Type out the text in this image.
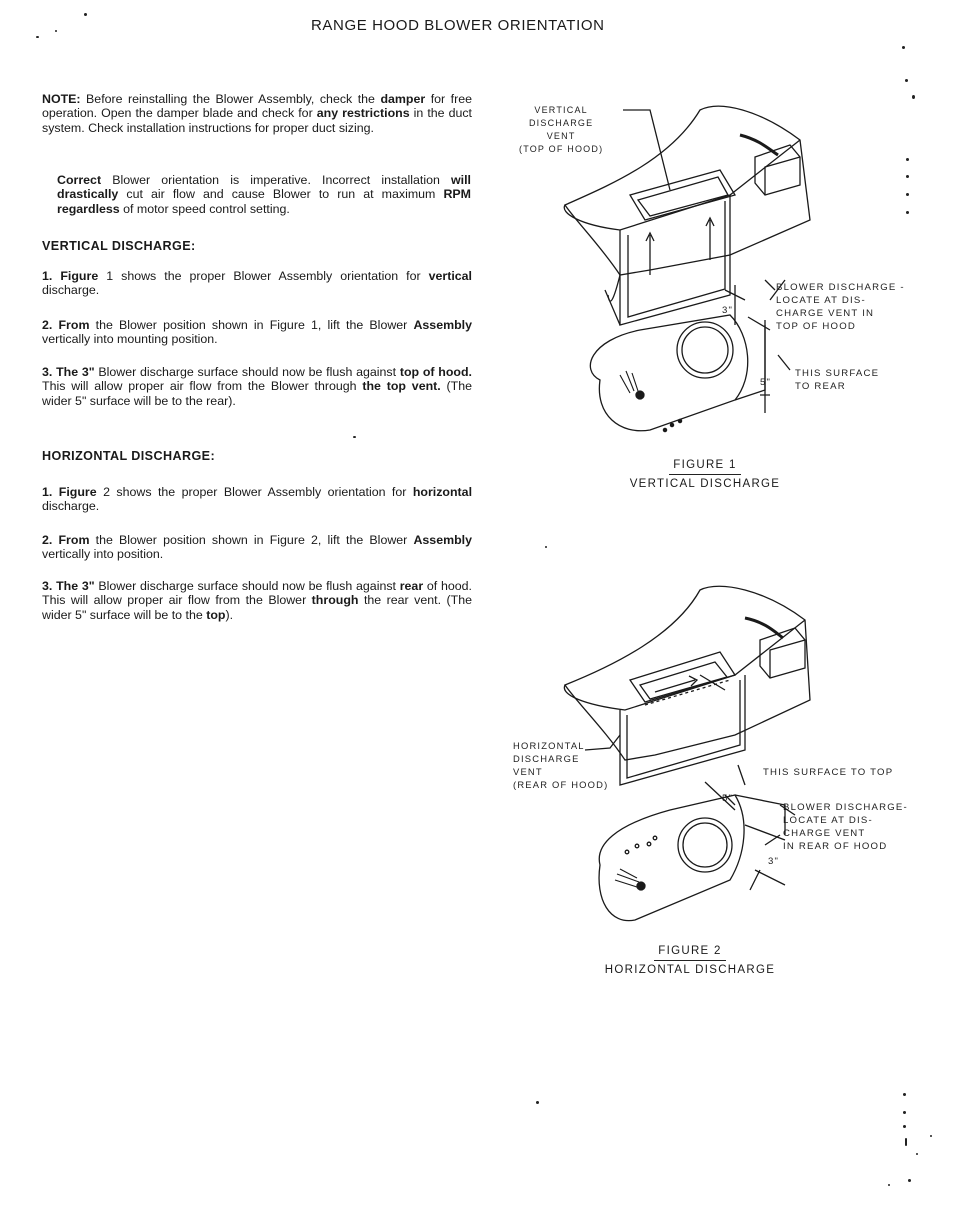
RANGE HOOD BLOWER ORIENTATION

NOTE: Before reinstalling the Blower Assembly, check the damper for free operation. Open the damper blade and check for any restrictions in the duct system. Check installation instructions for proper duct sizing.

Correct Blower orientation is imperative. Incorrect installation will drastically cut air flow and cause Blower to run at maximum RPM regardless of motor speed control setting.

VERTICAL DISCHARGE:

1. Figure 1 shows the proper Blower Assembly orientation for vertical discharge.

2. From the Blower position shown in Figure 1, lift the Blower Assembly vertically into mounting position.

3. The 3" Blower discharge surface should now be flush against top of hood. This will allow proper air flow from the Blower through the top vent. (The wider 5" surface will be to the rear).

HORIZONTAL DISCHARGE:

1. Figure 2 shows the proper Blower Assembly orientation for horizontal discharge.

2. From the Blower position shown in Figure 2, lift the Blower Assembly vertically into position.

3. The 3" Blower discharge surface should now be flush against rear of hood. This will allow proper air flow from the Blower through the rear vent. (The wider 5" surface will be to the top).

VERTICAL
DISCHARGE
VENT
(TOP OF HOOD)
BLOWER DISCHARGE -
LOCATE AT DIS-
CHARGE VENT IN
TOP OF HOOD
THIS SURFACE
TO REAR
3"
5"
FIGURE 1
VERTICAL DISCHARGE
HORIZONTAL
DISCHARGE
VENT
(REAR OF HOOD)
THIS SURFACE TO TOP
BLOWER DISCHARGE-
LOCATE AT DIS-
CHARGE VENT
IN REAR OF HOOD
5"
3"
FIGURE 2
HORIZONTAL DISCHARGE
